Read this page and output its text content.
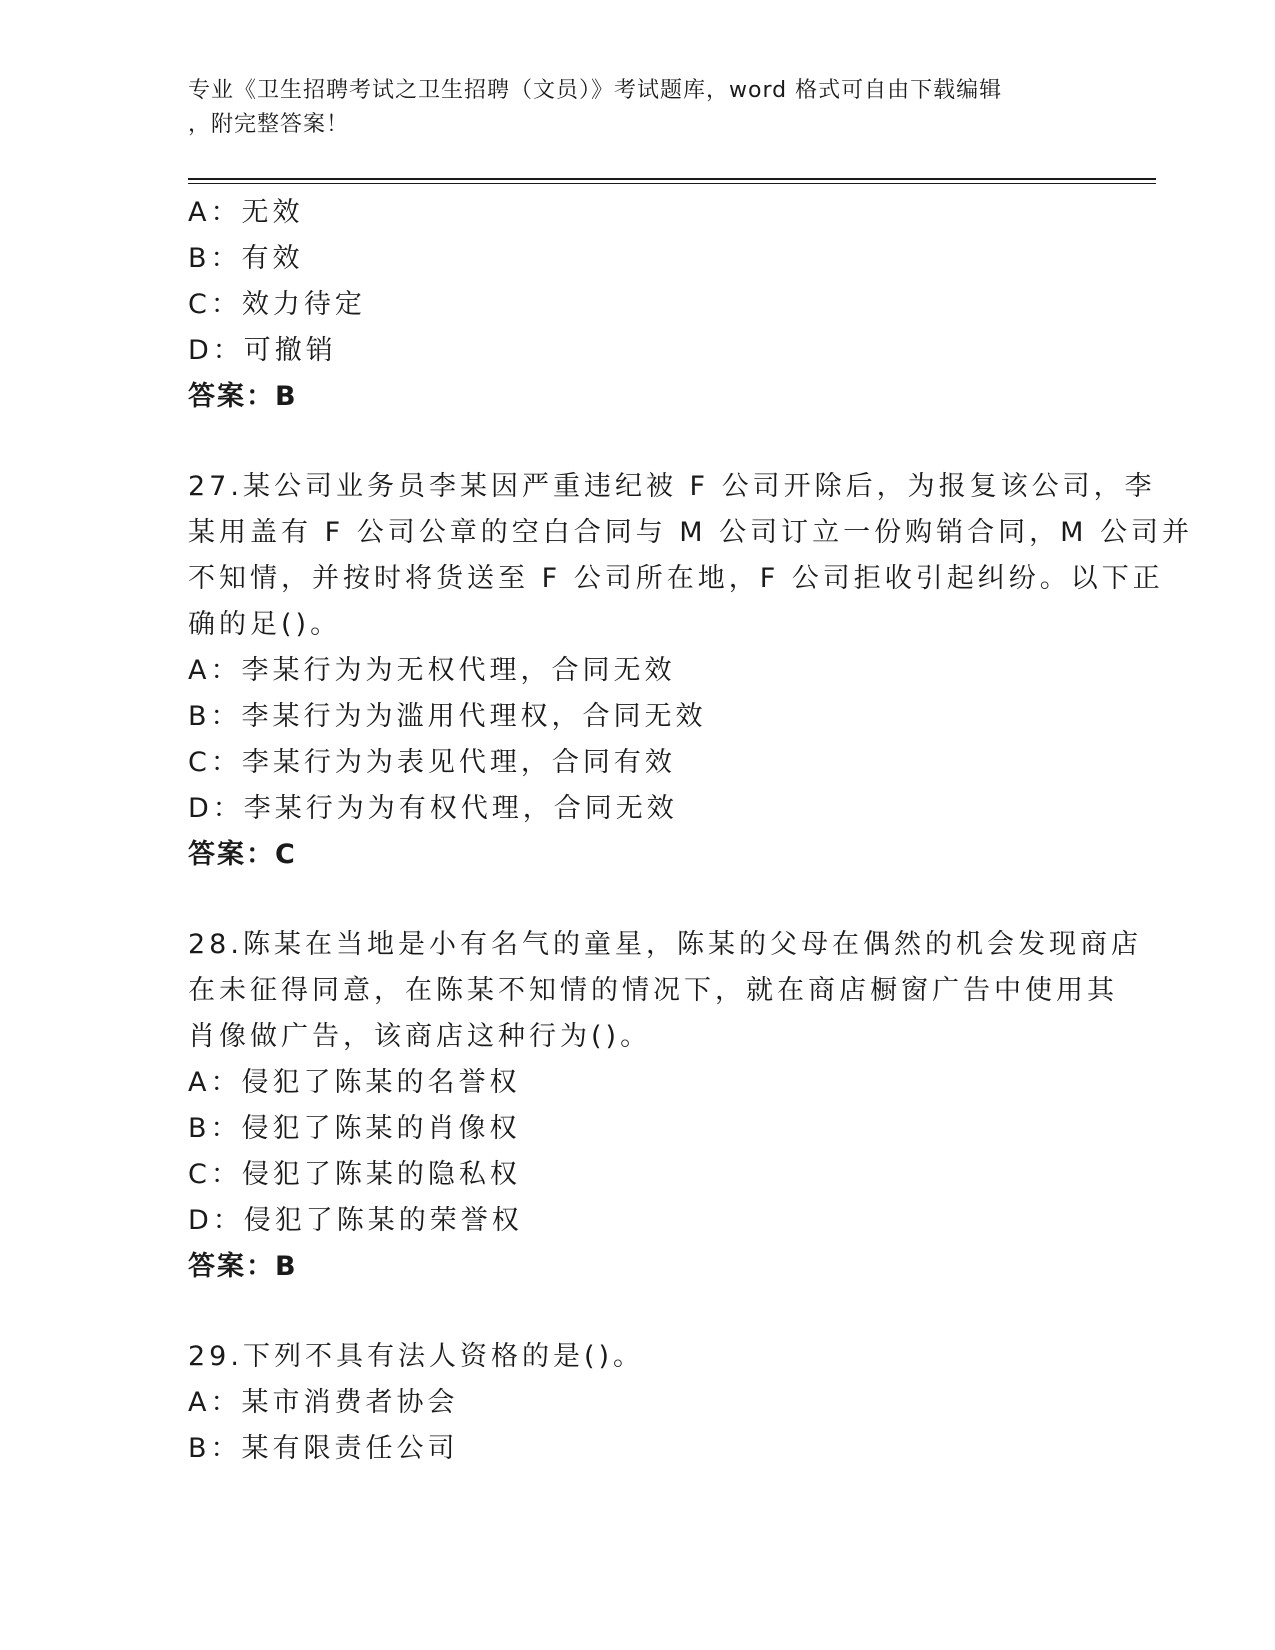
专业《卫生招聘考试之卫生招聘（文员）》考试题库，word 格式可自由下载编辑
，附完整答案！
A：无效
B：有效
C：效力待定
D：可撤销
答案：B
27.某公司业务员李某因严重违纪被 F 公司开除后，为报复该公司，李
某用盖有 F 公司公章的空白合同与 M 公司订立一份购销合同，M 公司并
不知情，并按时将货送至 F 公司所在地，F 公司拒收引起纠纷。以下正
确的足()。
A：李某行为为无权代理，合同无效
B：李某行为为滥用代理权，合同无效
C：李某行为为表见代理，合同有效
D：李某行为为有权代理，合同无效
答案：C
28.陈某在当地是小有名气的童星，陈某的父母在偶然的机会发现商店
在未征得同意，在陈某不知情的情况下，就在商店橱窗广告中使用其
肖像做广告，该商店这种行为()。
A：侵犯了陈某的名誉权
B：侵犯了陈某的肖像权
C：侵犯了陈某的隐私权
D：侵犯了陈某的荣誉权
答案：B
29.下列不具有法人资格的是()。
A：某市消费者协会
B：某有限责任公司
